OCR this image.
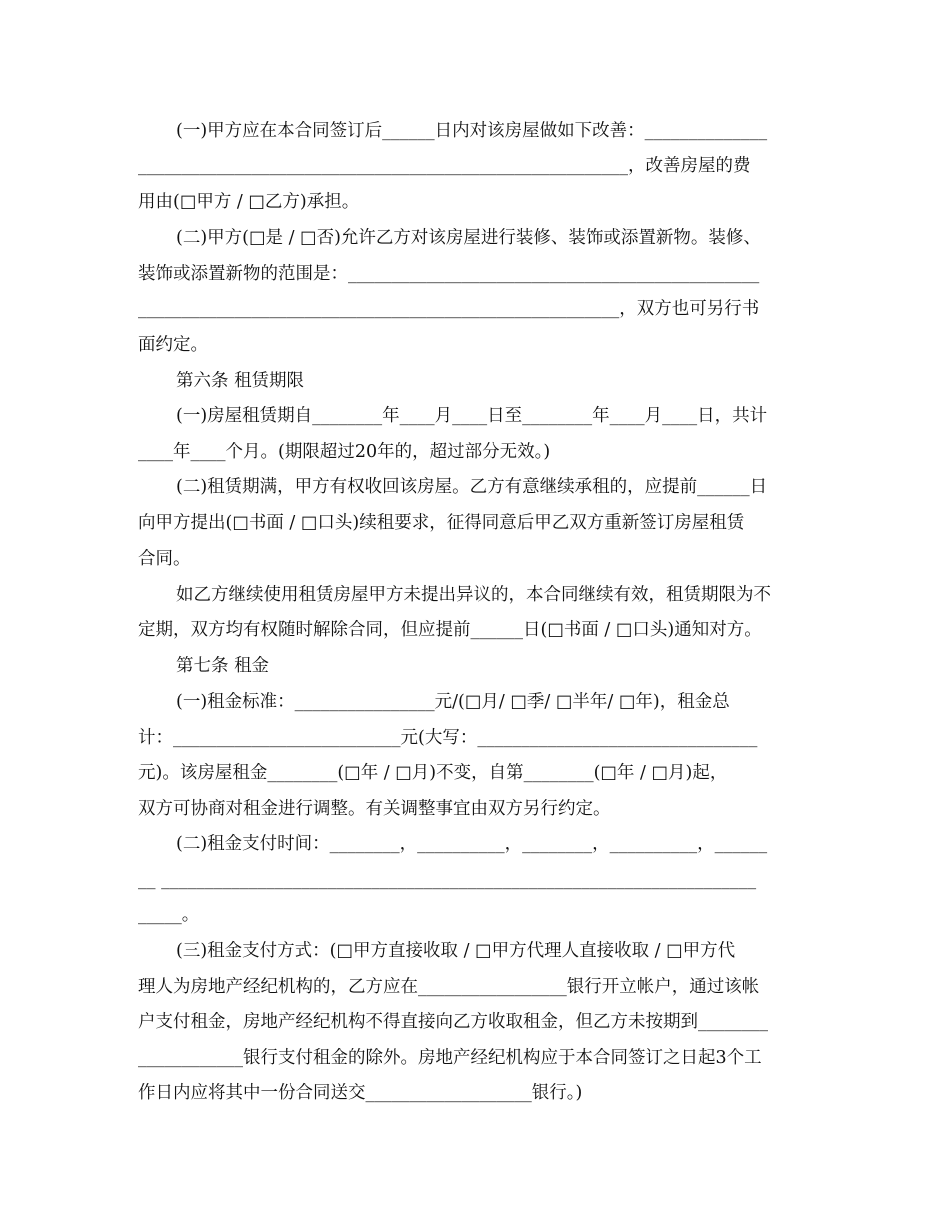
(一)甲方应在本合同签订后______日内对该房屋做如下改善：______________
________________________________________________________，改善房屋的费
用由(□甲方 / □乙方)承担。
(二)甲方(□是 / □否)允许乙方对该房屋进行装修、装饰或添置新物。装修、
装饰或添置新物的范围是：_______________________________________________
_______________________________________________________，双方也可另行书
面约定。
第六条 租赁期限
(一)房屋租赁期自________年____月____日至________年____月____日，共计
____年____个月。(期限超过20年的，超过部分无效。)
(二)租赁期满，甲方有权收回该房屋。乙方有意继续承租的，应提前______日
向甲方提出(□书面 / □口头)续租要求，征得同意后甲乙双方重新签订房屋租赁
合同。
如乙方继续使用租赁房屋甲方未提出异议的，本合同继续有效，租赁期限为不
定期，双方均有权随时解除合同，但应提前______日(□书面 / □口头)通知对方。
第七条 租金
(一)租金标准：________________元/(□月/ □季/ □半年/ □年)，租金总
计：__________________________元(大写：________________________________
元)。该房屋租金________(□年 / □月)不变，自第________(□年 / □月)起，
双方可协商对租金进行调整。有关调整事宜由双方另行约定。
(二)租金支付时间：________，__________，________，__________，______
__ ____________________________________________________________________
_____。
(三)租金支付方式：(□甲方直接收取 / □甲方代理人直接收取 / □甲方代
理人为房地产经纪机构的，乙方应在_________________银行开立帐户，通过该帐
户支付租金，房地产经纪机构不得直接向乙方收取租金，但乙方未按期到________
____________银行支付租金的除外。房地产经纪机构应于本合同签订之日起3个工
作日内应将其中一份合同送交___________________银行。)
